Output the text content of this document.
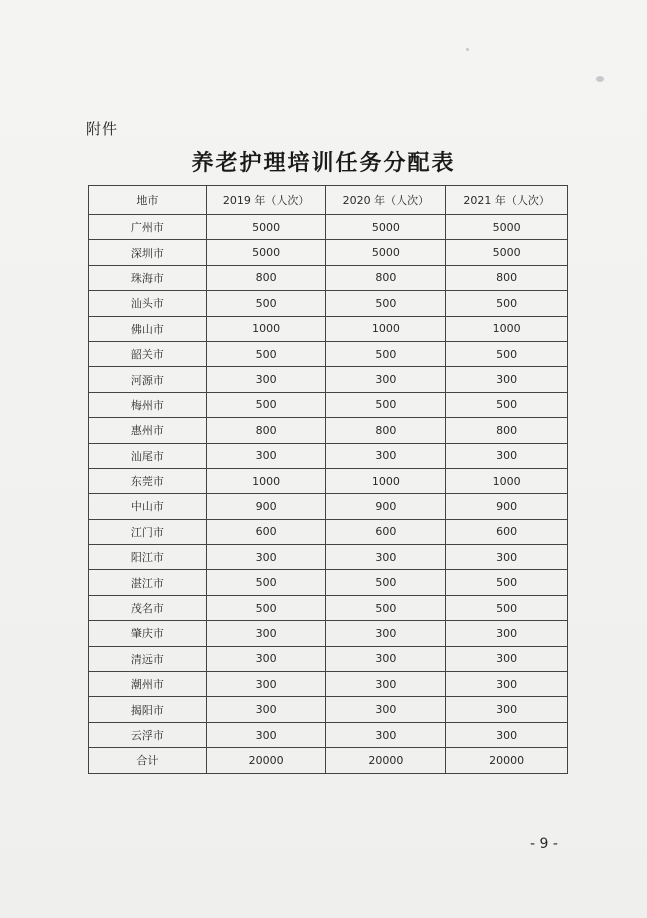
附件
养老护理培训任务分配表
地市	2019 年（人次）	2020 年（人次）	2021 年（人次）
广州市	5000	5000	5000
深圳市	5000	5000	5000
珠海市	800	800	800
汕头市	500	500	500
佛山市	1000	1000	1000
韶关市	500	500	500
河源市	300	300	300
梅州市	500	500	500
惠州市	800	800	800
汕尾市	300	300	300
东莞市	1000	1000	1000
中山市	900	900	900
江门市	600	600	600
阳江市	300	300	300
湛江市	500	500	500
茂名市	500	500	500
肇庆市	300	300	300
清远市	300	300	300
潮州市	300	300	300
揭阳市	300	300	300
云浮市	300	300	300
合计	20000	20000	20000
- 9 -
